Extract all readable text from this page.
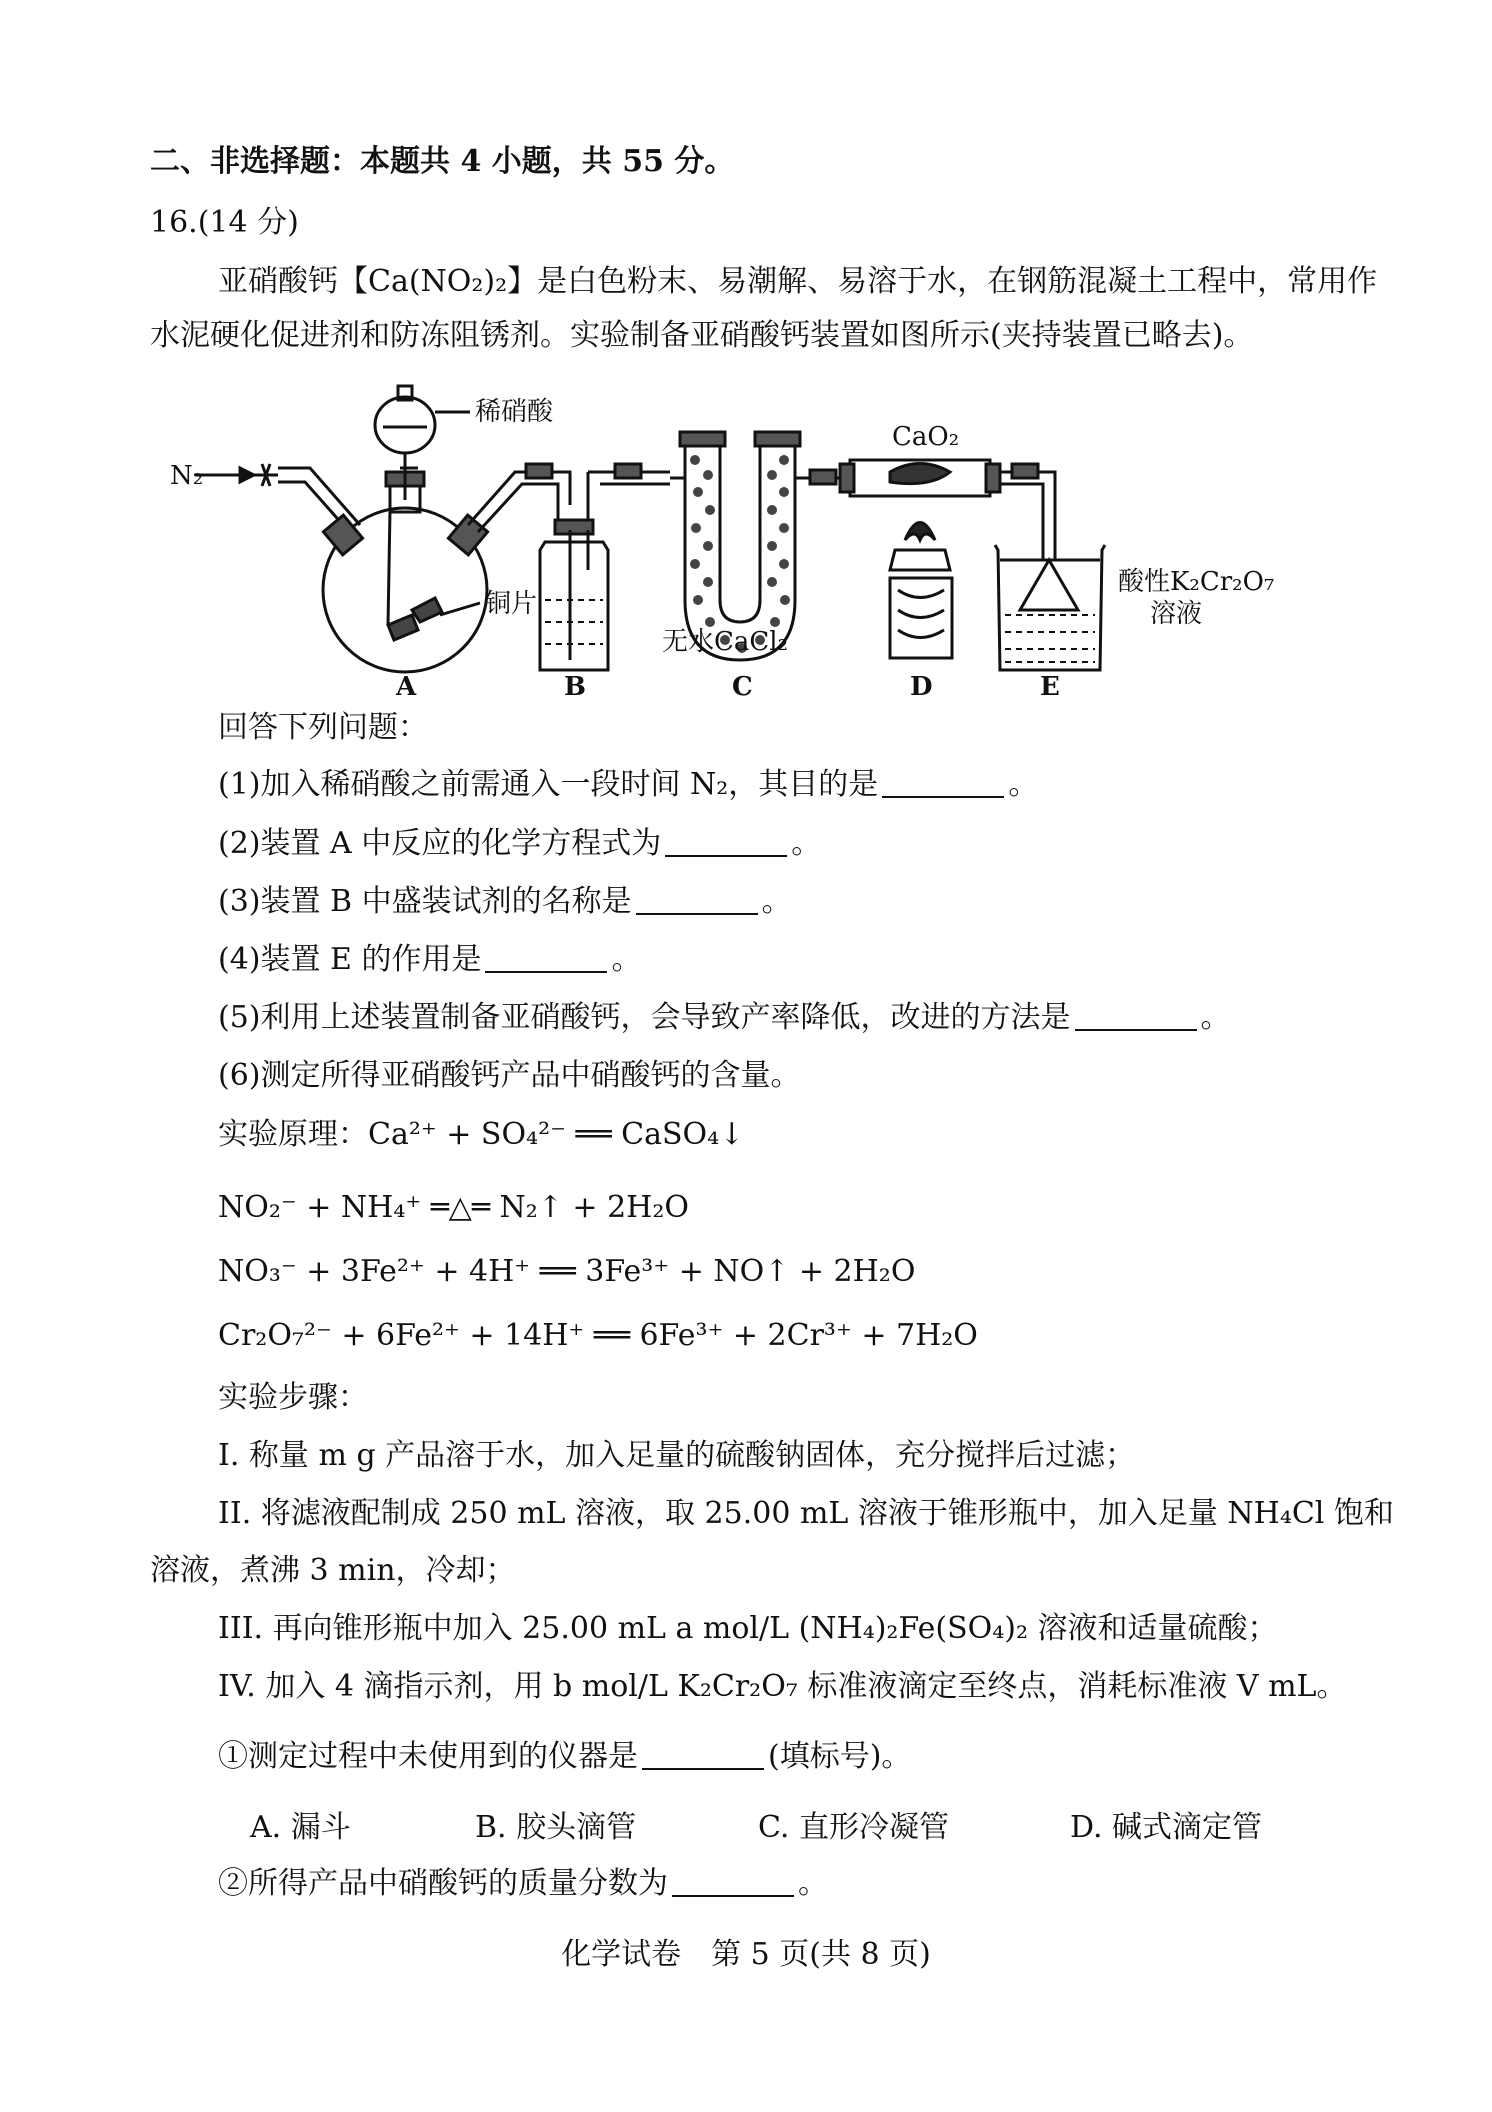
二、非选择题：本题共 4 小题，共 55 分。
16.(14 分)
亚硝酸钙【Ca(NO₂)₂】是白色粉末、易潮解、易溶于水，在钢筋混凝土工程中，常用作
水泥硬化促进剂和防冻阻锈剂。实验制备亚硝酸钙装置如图所示(夹持装置已略去)。
N₂
稀硝酸
铜片
CaO₂
无水CaCl₂
酸性K₂Cr₂O₇
溶液
A	B	C	D	E
回答下列问题：
(1)加入稀硝酸之前需通入一段时间 N₂，其目的是	。
(2)装置 A 中反应的化学方程式为	。
(3)装置 B 中盛装试剂的名称是	。
(4)装置 E 的作用是	。
(5)利用上述装置制备亚硝酸钙，会导致产率降低，改进的方法是	。
(6)测定所得亚硝酸钙产品中硝酸钙的含量。
实验原理：Ca²⁺ + SO₄²⁻ ══ CaSO₄↓
NO₂⁻ + NH₄⁺ ═△═ N₂↑ + 2H₂O
NO₃⁻ + 3Fe²⁺ + 4H⁺ ══ 3Fe³⁺ + NO↑ + 2H₂O
Cr₂O₇²⁻ + 6Fe²⁺ + 14H⁺ ══ 6Fe³⁺ + 2Cr³⁺ + 7H₂O
实验步骤：
I. 称量 m g 产品溶于水，加入足量的硫酸钠固体，充分搅拌后过滤；
II. 将滤液配制成 250 mL 溶液，取 25.00 mL 溶液于锥形瓶中，加入足量 NH₄Cl 饱和
溶液，煮沸 3 min，冷却；
III. 再向锥形瓶中加入 25.00 mL a mol/L (NH₄)₂Fe(SO₄)₂ 溶液和适量硫酸；
IV. 加入 4 滴指示剂，用 b mol/L K₂Cr₂O₇ 标准液滴定至终点，消耗标准液 V mL。
①测定过程中未使用到的仪器是	(填标号)。
A. 漏斗	B. 胶头滴管	C. 直形冷凝管	D. 碱式滴定管
②所得产品中硝酸钙的质量分数为	。
化学试卷　第 5 页(共 8 页)
